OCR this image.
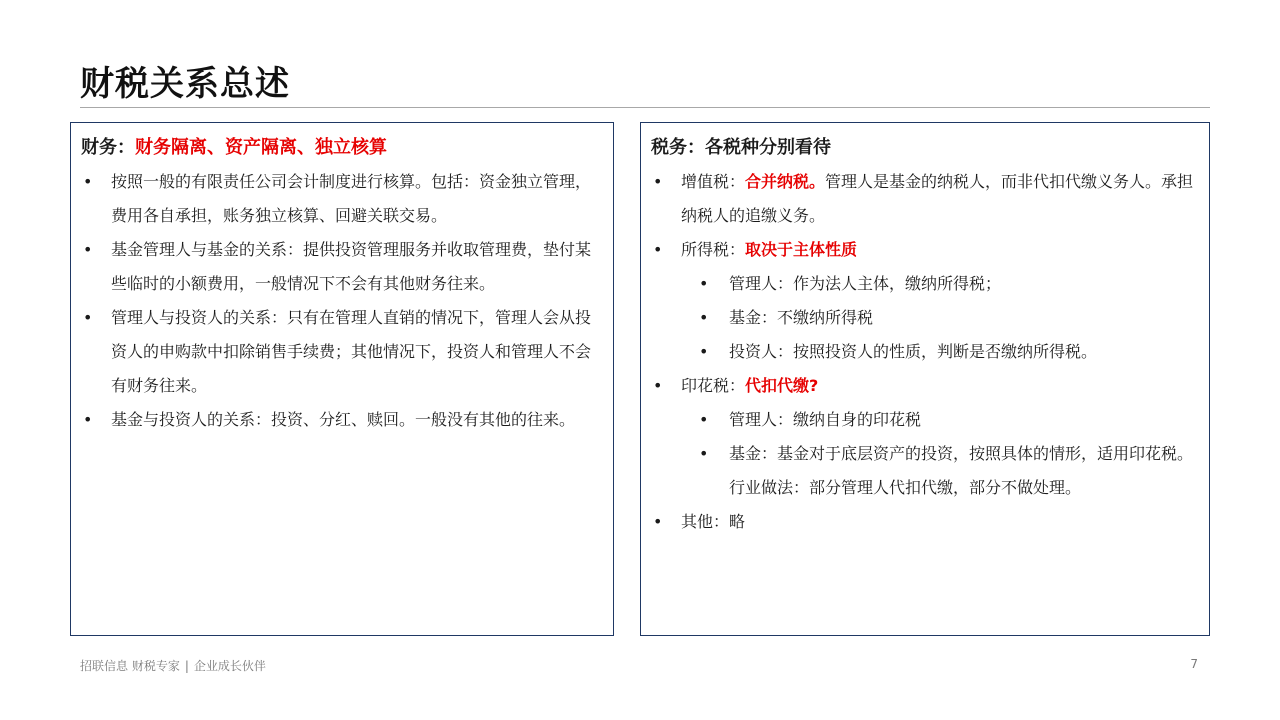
财税关系总述
财务：财务隔离、资产隔离、独立核算
• 按照一般的有限责任公司会计制度进行核算。包括：资金独立管理，费用各自承担，账务独立核算、回避关联交易。
• 基金管理人与基金的关系：提供投资管理服务并收取管理费，垫付某些临时的小额费用，一般情况下不会有其他财务往来。
• 管理人与投资人的关系：只有在管理人直销的情况下，管理人会从投资人的申购款中扣除销售手续费；其他情况下，投资人和管理人不会有财务往来。
• 基金与投资人的关系：投资、分红、赎回。一般没有其他的往来。
税务：各税种分别看待
• 增值税：合并纳税。管理人是基金的纳税人，而非代扣代缴义务人。承担纳税人的追缴义务。
• 所得税：取决于主体性质
• 管理人：作为法人主体，缴纳所得税；
• 基金：不缴纳所得税
• 投资人：按照投资人的性质，判断是否缴纳所得税。
• 印花税：代扣代缴?
• 管理人：缴纳自身的印花税
• 基金：基金对于底层资产的投资，按照具体的情形，适用印花税。行业做法：部分管理人代扣代缴，部分不做处理。
• 其他：略
招联信息 财税专家 | 企业成长伙伴	7
